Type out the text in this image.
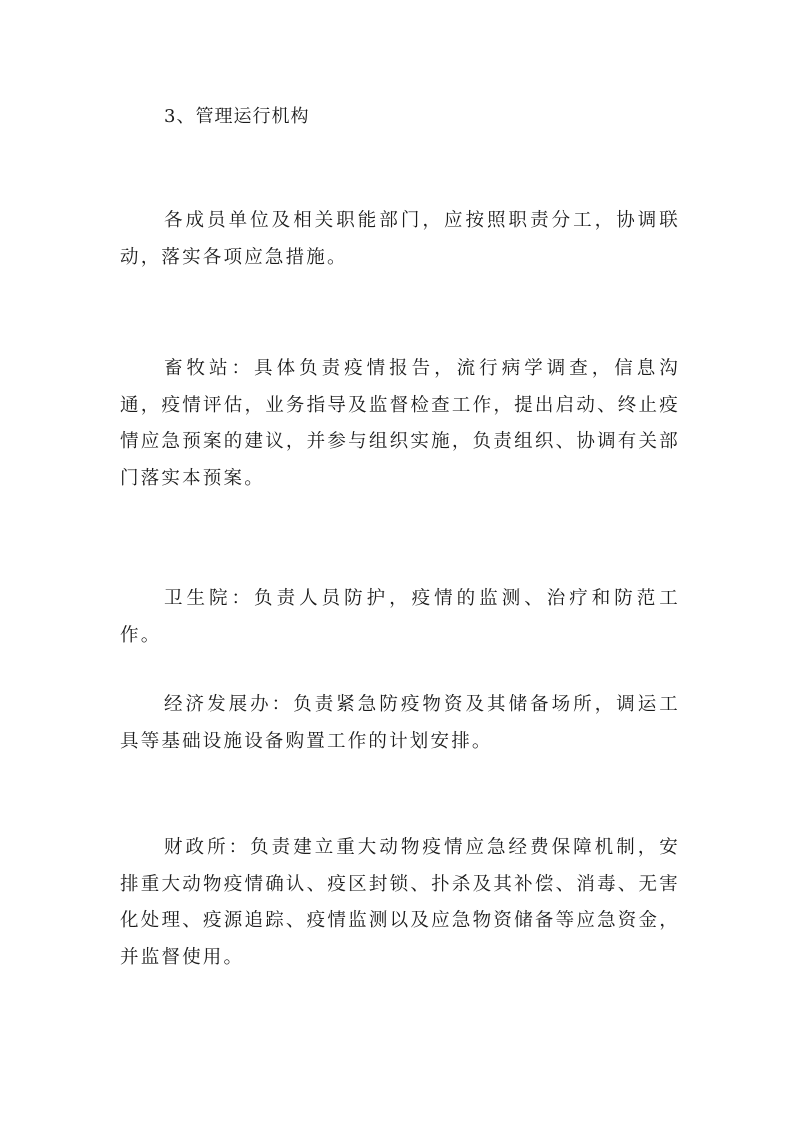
3、管理运行机构

各成员单位及相关职能部门，应按照职责分工，协调联动，落实各项应急措施。

畜牧站：具体负责疫情报告，流行病学调查，信息沟通，疫情评估，业务指导及监督检查工作，提出启动、终止疫情应急预案的建议，并参与组织实施，负责组织、协调有关部门落实本预案。

卫生院：负责人员防护，疫情的监测、治疗和防范工作。

经济发展办：负责紧急防疫物资及其储备场所，调运工具等基础设施设备购置工作的计划安排。

财政所：负责建立重大动物疫情应急经费保障机制，安排重大动物疫情确认、疫区封锁、扑杀及其补偿、消毒、无害化处理、疫源追踪、疫情监测以及应急物资储备等应急资金，并监督使用。
